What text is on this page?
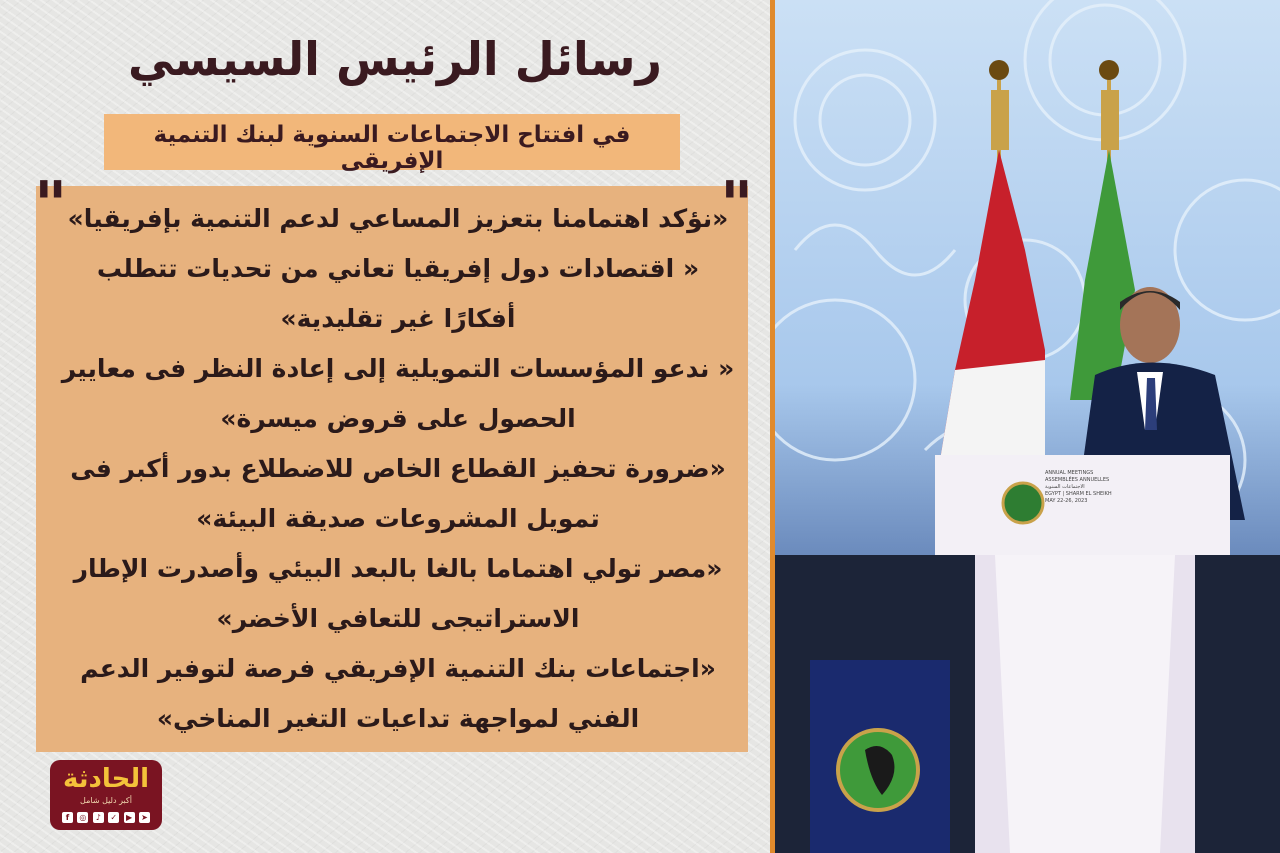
رسائل الرئيس السيسي
في افتتاح الاجتماعات السنوية لبنك التنمية الإفريقى
"	"

«نؤكد اهتمامنا بتعزيز المساعي لدعم التنمية بإفريقيا»

« اقتصادات دول إفريقيا تعاني من تحديات تتطلب أفكارًا غير تقليدية»

« ندعو المؤسسات التمويلية إلى إعادة النظر فى معايير الحصول على قروض ميسرة»

«ضرورة تحفيز القطاع الخاص للاضطلاع بدور أكبر فى تمويل المشروعات صديقة البيئة»

«مصر تولي اهتماما بالغا بالبعد البيئي وأصدرت الإطار الاستراتيجى للتعافي الأخضر»

«اجتماعات بنك التنمية الإفريقي فرصة لتوفير الدعم الفني لمواجهة تداعيات التغير المناخي»

الحادثة
أكبر دليل شامل
f	◎	♪	✓	▶	➤
ANNUAL MEETINGS
ASSEMBLÉES ANNUELLES
الاجتماعات السنوية
EGYPT | SHARM EL SHEIKH
MAY 22-26, 2023
